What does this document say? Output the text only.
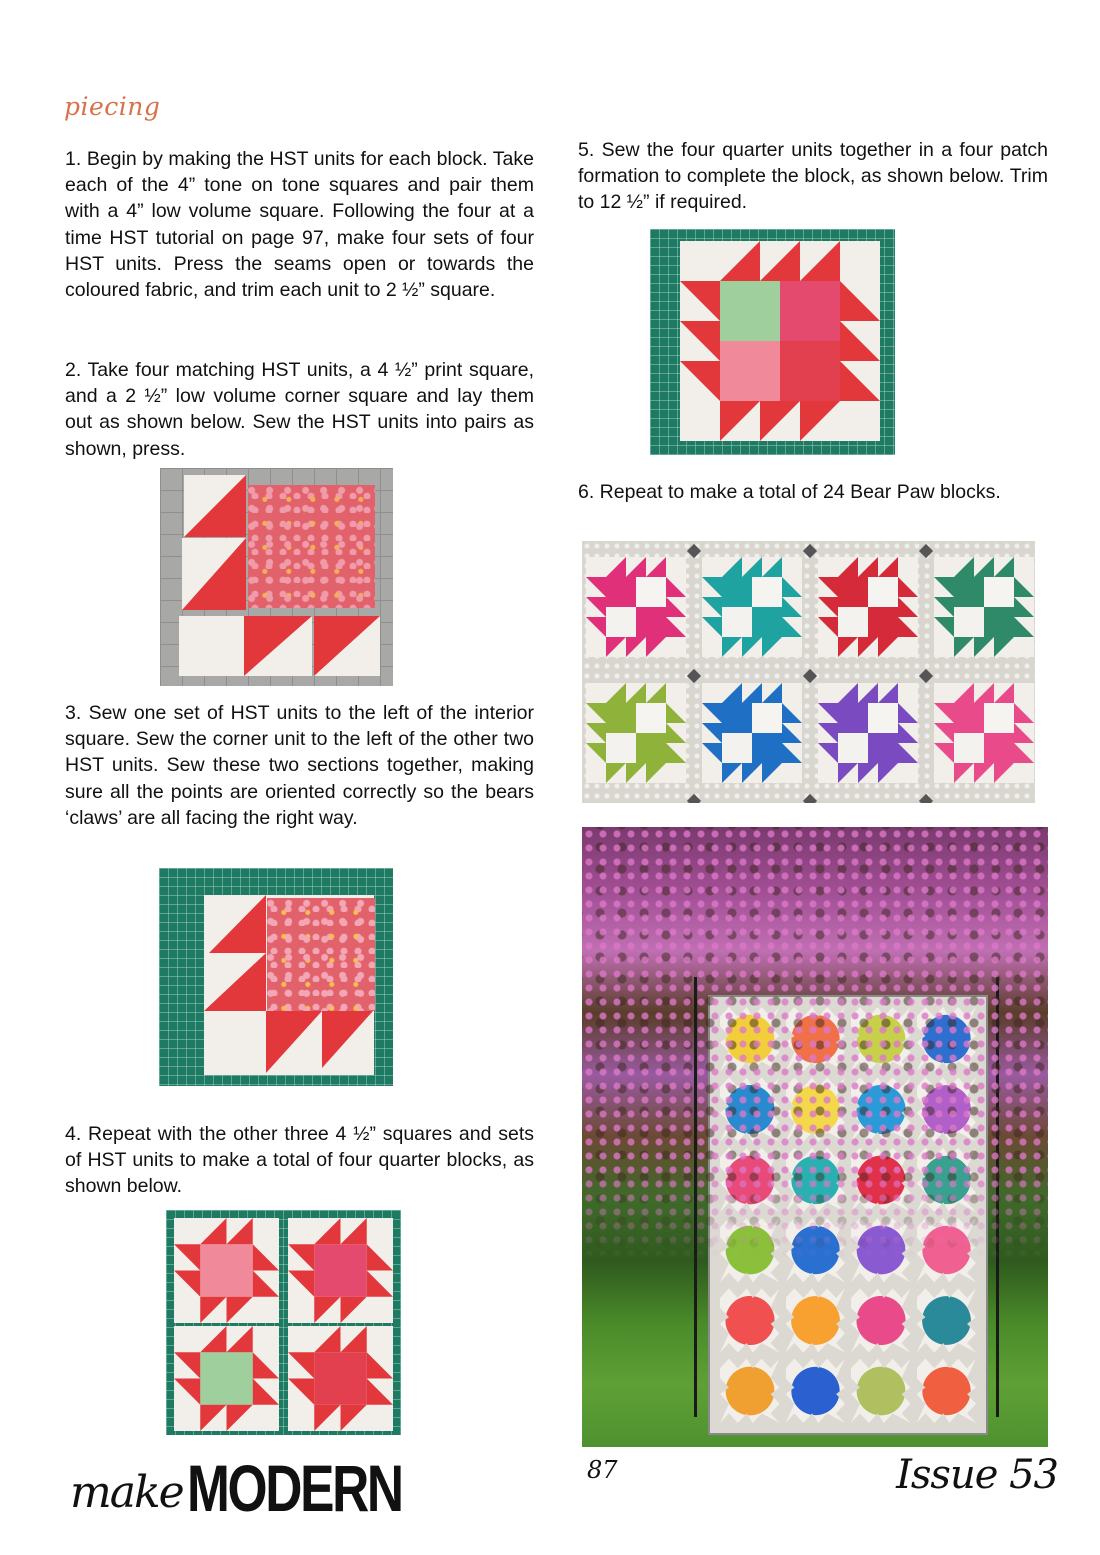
piecing

1. Begin by making the HST units for each block. Take each of the 4” tone on tone squares and pair them with a 4” low volume square. Following the four at a time HST tutorial on page 97, make four sets of four HST units. Press the seams open or towards the coloured fabric, and trim each unit to 2 ½” square.

2. Take four matching HST units, a 4 ½” print square, and a 2 ½” low volume corner square and lay them out as shown below. Sew the HST units into pairs as shown, press.

3. Sew one set of HST units to the left of the interior square. Sew the corner unit to the left of the other two HST units. Sew these two sections together, making sure all the points are oriented correctly so the bears ‘claws’ are all facing the right way.

4. Repeat with the other three 4 ½” squares and sets of HST units to make a total of four quarter blocks, as shown below.

5. Sew the four quarter units together in a four patch formation to complete the block, as shown below. Trim to 12 ½” if required.

6. Repeat to make a total of 24 Bear Paw blocks.

make MODERN	87	Issue 53
